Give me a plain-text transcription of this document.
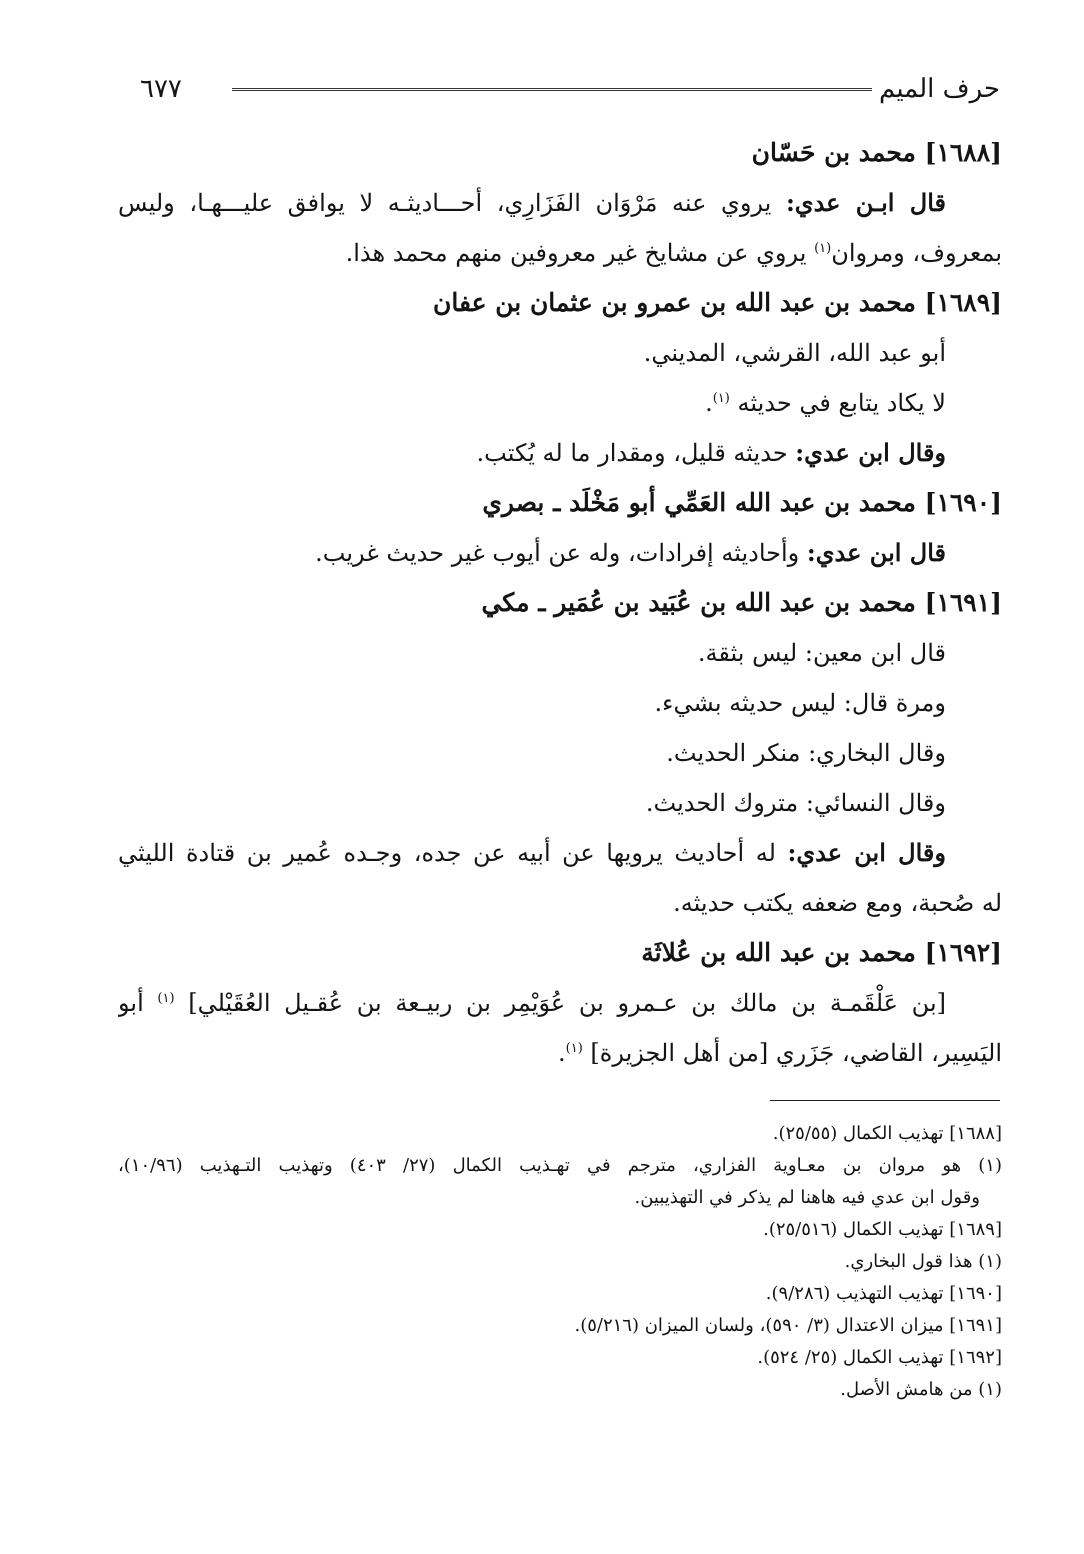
حرف الميم
٦٧٧
[١٦٨٨] محمد بن حَسّان
قال ابـن عدي: يروي عنه مَرْوَان الفَزَارِي، أحـــاديثـه لا يوافق عليـــهـا، وليس
بمعروف، ومروان$^{(١)}$ يروي عن مشايخ غير معروفين منهم محمد هذا.
[١٦٨٩] محمد بن عبد الله بن عمرو بن عثمان بن عفان
أبو عبد الله، القرشي، المديني.
لا يكاد يتابع في حديثه $^{(١)}$.
وقال ابن عدي: حديثه قليل، ومقدار ما له يُكتب.
[١٦٩٠] محمد بن عبد الله العَمِّي أبو مَخْلَد ـ بصري
قال ابن عدي: وأحاديثه إفرادات، وله عن أيوب غير حديث غريب.
[١٦٩١] محمد بن عبد الله بن عُبَيد بن عُمَير ـ مكي
قال ابن معين: ليس بثقة.
ومرة قال: ليس حديثه بشيء.
وقال البخاري: منكر الحديث.
وقال النسائي: متروك الحديث.
وقال ابن عدي: له أحاديث يرويها عن أبيه عن جده، وجـده عُمير بن قتادة الليثي
له صُحبة، ومع ضعفه يكتب حديثه.
[١٦٩٢] محمد بن عبد الله بن عُلاثَة
[بن عَلْقَمـة بن مالك بن عـمرو بن عُوَيْمِر بن ربيـعة بن عُقـيل العُقَيْلي] $^{(١)}$ أبو
اليَسِير، القاضي، جَزَري [من أهل الجزيرة] $^{(١)}$.
[١٦٨٨] تهذيب الكمال (٢٥/٥٥).
(١) هو مروان بن معـاوية الفزاري، مترجم في تهـذيب الكمال (٢٧/ ٤٠٣) وتهذيب التـهذيب (١٠/٩٦)،
وقول ابن عدي فيه هاهنا لم يذكر في التهذيبين.
[١٦٨٩] تهذيب الكمال (٢٥/٥١٦).
(١) هذا قول البخاري.
[١٦٩٠] تهذيب التهذيب (٩/٢٨٦).
[١٦٩١] ميزان الاعتدال (٣/ ٥٩٠)، ولسان الميزان (٥/٢١٦).
[١٦٩٢] تهذيب الكمال (٢٥/ ٥٢٤).
(١) من هامش الأصل.
